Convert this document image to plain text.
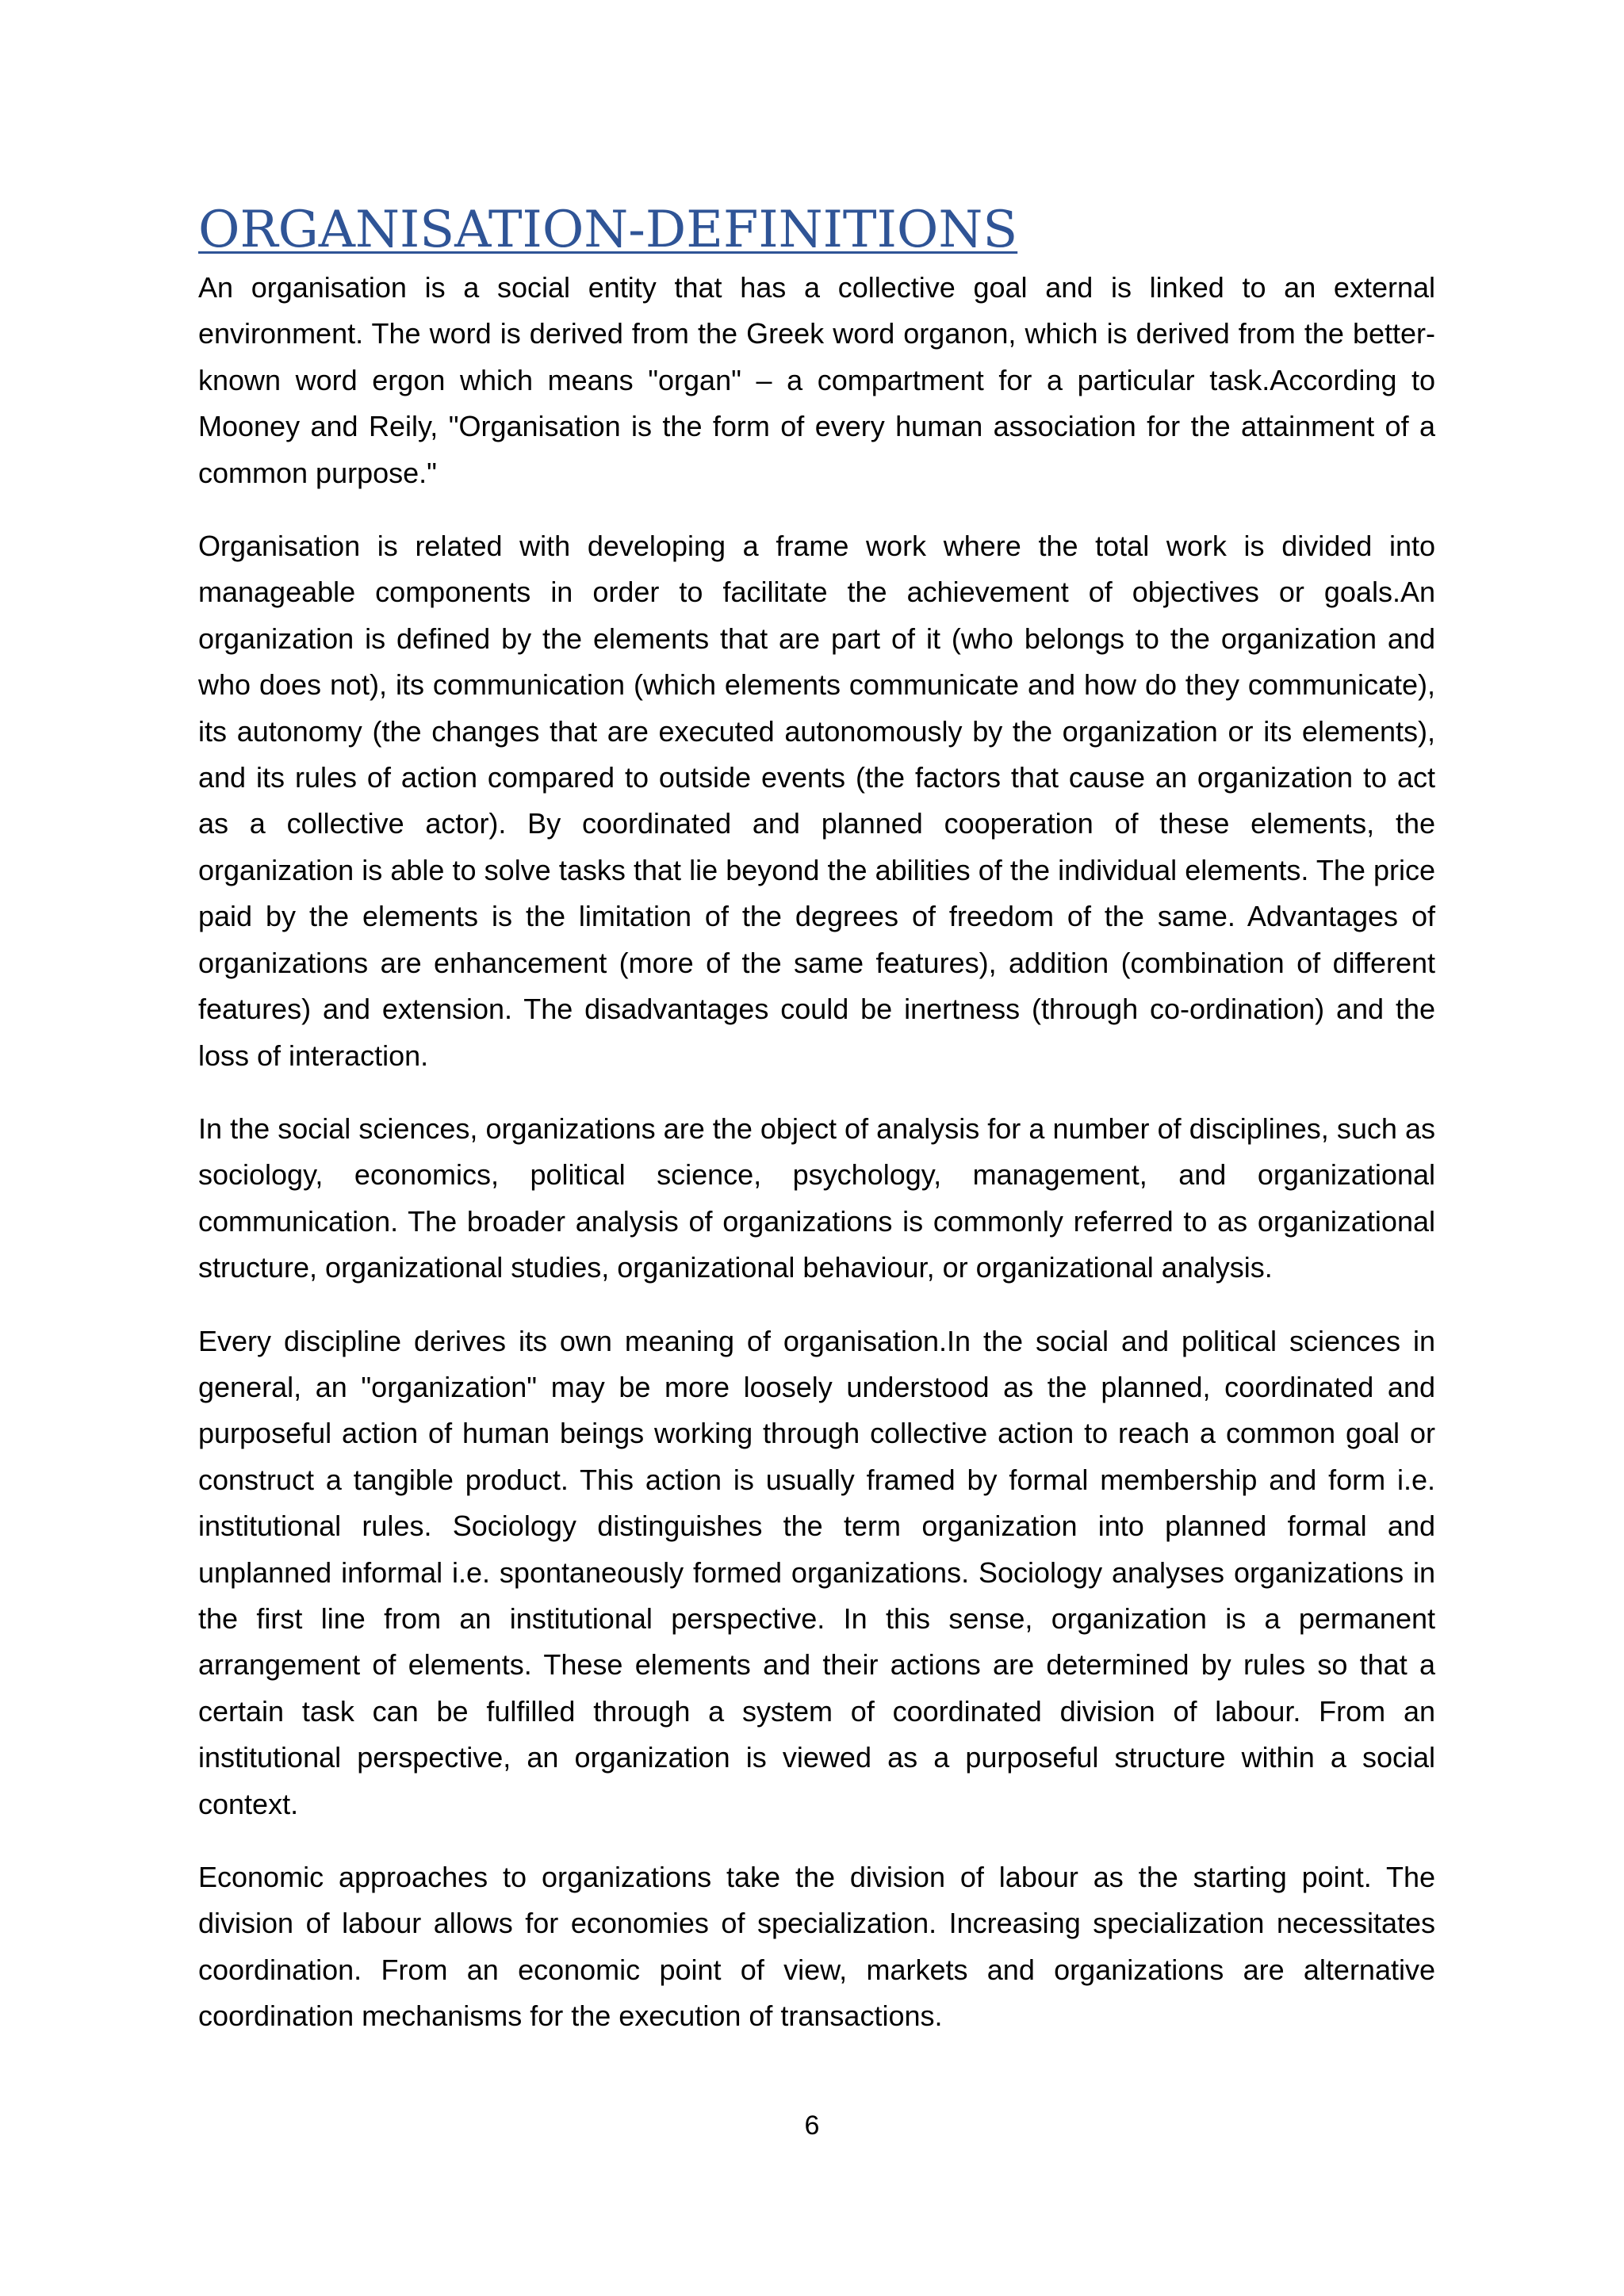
ORGANISATION-DEFINITIONS

An organisation is a social entity that has a collective goal and is linked to an external environment. The word is derived from the Greek word organon, which is derived from the better-known word ergon which means "organ" – a compartment for a particular task.According to Mooney and Reily, "Organisation is the form of every human association for the attainment of a common purpose."

Organisation is related with developing a frame work where the total work is divided into manageable components in order to facilitate the achievement of objectives or goals.An organization is defined by the elements that are part of it (who belongs to the organization and who does not), its communication (which elements communicate and how do they communicate), its autonomy (the changes that are executed autonomously by the organization or its elements), and its rules of action compared to outside events (the factors that cause an organization to act as a collective actor). By coordinated and planned cooperation of these elements, the organization is able to solve tasks that lie beyond the abilities of the individual elements. The price paid by the elements is the limitation of the degrees of freedom of the same. Advantages of organizations are enhancement (more of the same features), addition (combination of different features) and extension. The disadvantages could be inertness (through co-ordination) and the loss of interaction.

In the social sciences, organizations are the object of analysis for a number of disciplines, such as sociology, economics, political science, psychology, management, and organizational communication. The broader analysis of organizations is commonly referred to as organizational structure, organizational studies, organizational behaviour, or organizational analysis.

Every discipline derives its own meaning of organisation.In the social and political sciences in general, an "organization" may be more loosely understood as the planned, coordinated and purposeful action of human beings working through collective action to reach a common goal or construct a tangible product. This action is usually framed by formal membership and form i.e. institutional rules. Sociology distinguishes the term organization into planned formal and unplanned informal i.e. spontaneously formed organizations. Sociology analyses organizations in the first line from an institutional perspective. In this sense, organization is a permanent arrangement of elements. These elements and their actions are determined by rules so that a certain task can be fulfilled through a system of coordinated division of labour. From an institutional perspective, an organization is viewed as a purposeful structure within a social context.

Economic approaches to organizations take the division of labour as the starting point. The division of labour allows for economies of specialization. Increasing specialization necessitates coordination. From an economic point of view, markets and organizations are alternative coordination mechanisms for the execution of transactions.

6
